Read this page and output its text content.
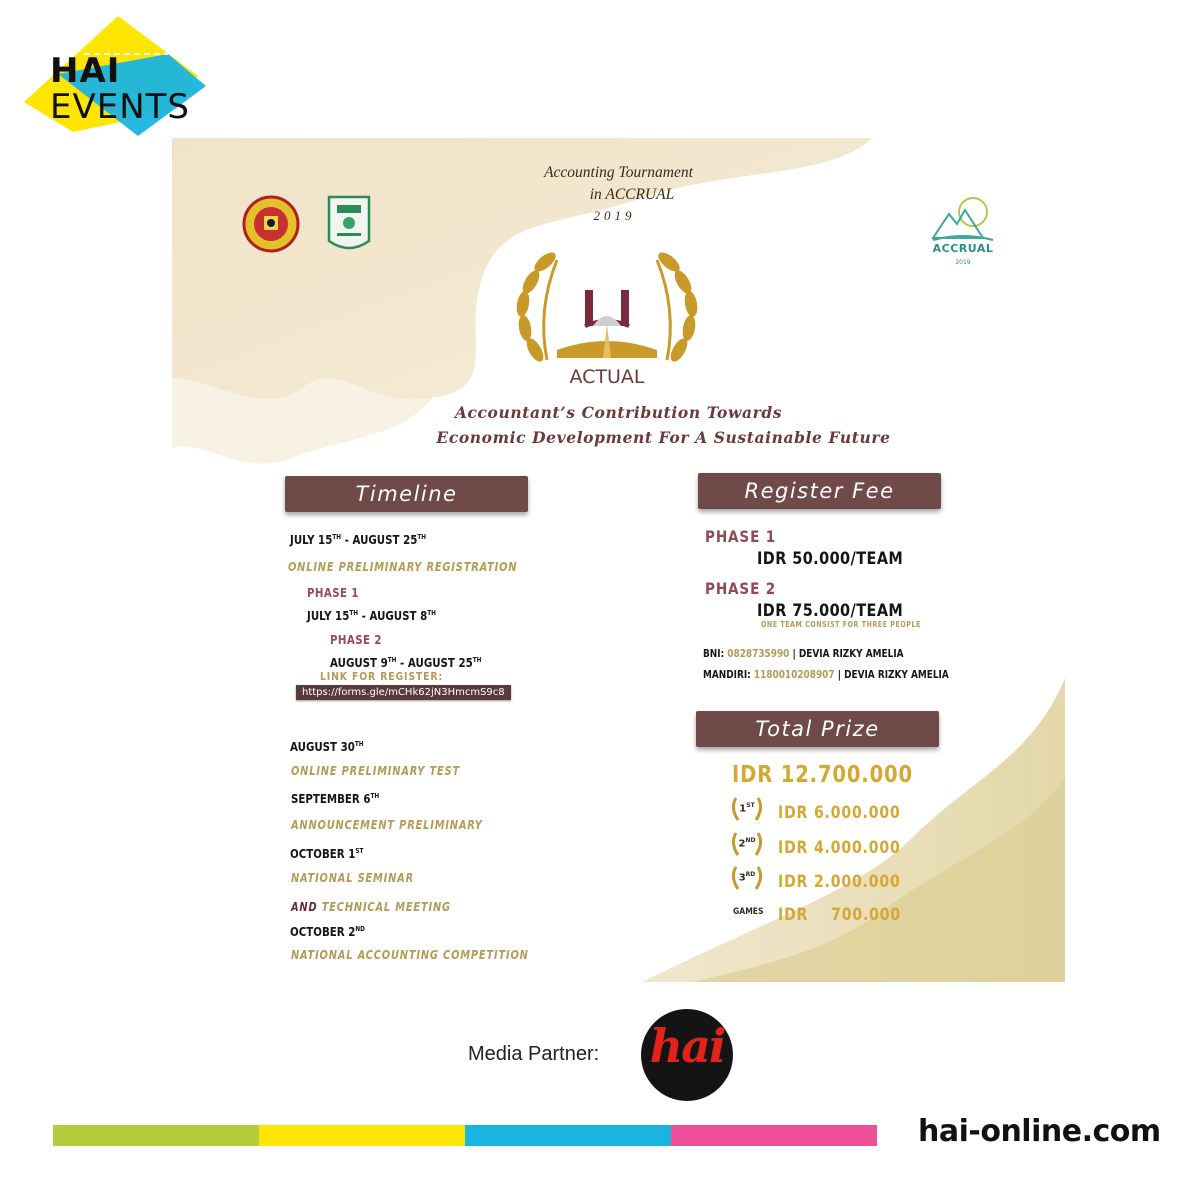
HAI
EVENTS
Accounting Tournament
in ACCRUAL
2019
ACCRUAL
2019
ACTUAL
Accountant’s Contribution Towards
Economic Development For A Sustainable Future
Timeline
JULY 15TH - AUGUST 25TH
ONLINE PRELIMINARY REGISTRATION
PHASE 1
JULY 15TH - AUGUST 8TH
PHASE 2
AUGUST 9TH - AUGUST 25TH
LINK FOR REGISTER:
https://forms.gle/mCHk62jN3HmcmS9c8
AUGUST 30TH
ONLINE PRELIMINARY TEST
SEPTEMBER 6TH
ANNOUNCEMENT PRELIMINARY
OCTOBER 1ST
NATIONAL SEMINAR
AND TECHNICAL MEETING
OCTOBER 2ND
NATIONAL ACCOUNTING COMPETITION
Register Fee
PHASE 1
IDR 50.000/TEAM
PHASE 2
IDR 75.000/TEAM
ONE TEAM CONSIST FOR THREE PEOPLE
BNI: 0828735990 | DEVIA RIZKY AMELIA
MANDIRI: 1180010208907 | DEVIA RIZKY AMELIA
Total Prize
IDR 12.700.000
1ST	IDR 6.000.000
2ND	IDR 4.000.000
3RD	IDR 2.000.000
GAMES IDR    700.000
Media Partner: hai
hai-online.com
